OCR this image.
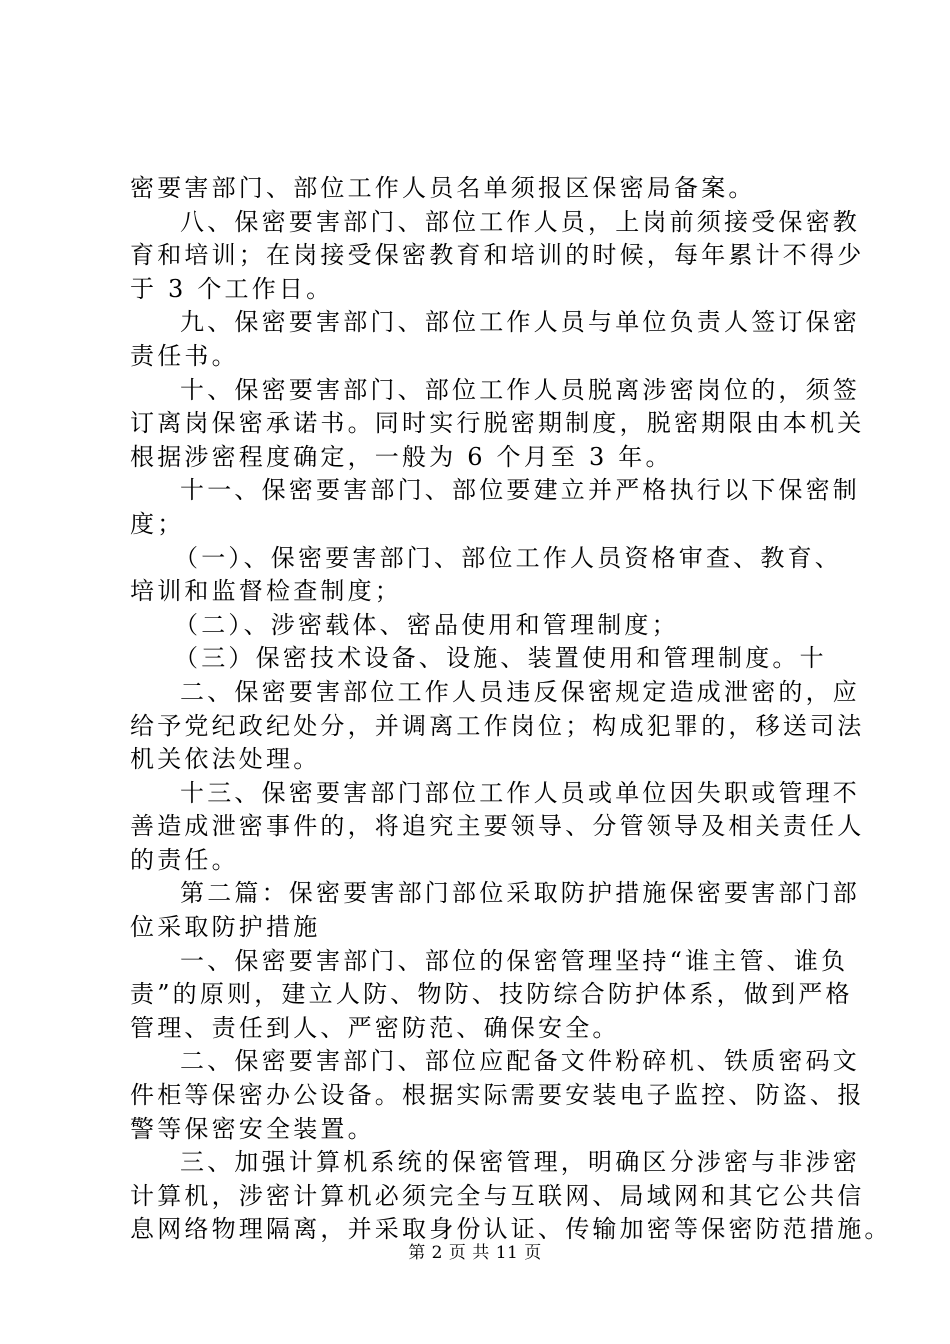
密要害部门、部位工作人员名单须报区保密局备案。
八、保密要害部门、部位工作人员，上岗前须接受保密教
育和培训；在岗接受保密教育和培训的时候，每年累计不得少
于 3 个工作日。
九、保密要害部门、部位工作人员与单位负责人签订保密
责任书。
十、保密要害部门、部位工作人员脱离涉密岗位的，须签
订离岗保密承诺书。同时实行脱密期制度，脱密期限由本机关
根据涉密程度确定，一般为 6 个月至 3 年。
十一、保密要害部门、部位要建立并严格执行以下保密制
度；
（一）、保密要害部门、部位工作人员资格审查、教育、
培训和监督检查制度；
（二）、涉密载体、密品使用和管理制度；
（三）保密技术设备、设施、装置使用和管理制度。十
二、保密要害部位工作人员违反保密规定造成泄密的，应
给予党纪政纪处分，并调离工作岗位；构成犯罪的，移送司法
机关依法处理。
十三、保密要害部门部位工作人员或单位因失职或管理不
善造成泄密事件的，将追究主要领导、分管领导及相关责任人
的责任。
第二篇：保密要害部门部位采取防护措施保密要害部门部
位采取防护措施
一、保密要害部门、部位的保密管理坚持“谁主管、谁负
责”的原则，建立人防、物防、技防综合防护体系，做到严格
管理、责任到人、严密防范、确保安全。
二、保密要害部门、部位应配备文件粉碎机、铁质密码文
件柜等保密办公设备。根据实际需要安装电子监控、防盗、报
警等保密安全装置。
三、加强计算机系统的保密管理，明确区分涉密与非涉密
计算机，涉密计算机必须完全与互联网、局域网和其它公共信
息网络物理隔离，并采取身份认证、传输加密等保密防范措施。
第 2 页 共 11 页
